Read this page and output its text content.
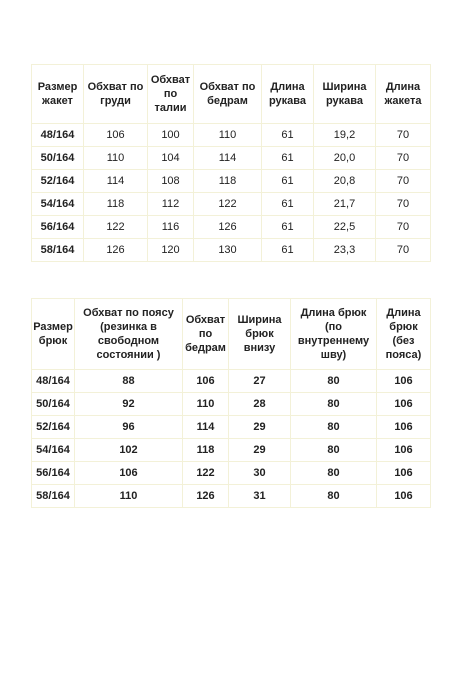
Размер жакет	Обхват по груди	Обхват по талии	Обхват по бедрам	Длина рукава	Ширина рукава	Длина жакета
48/164	106	100	110	61	19,2	70
50/164	110	104	114	61	20,0	70
52/164	114	108	118	61	20,8	70
54/164	118	112	122	61	21,7	70
56/164	122	116	126	61	22,5	70
58/164	126	120	130	61	23,3	70
Размер брюк	Обхват по поясу (резинка в свободном состоянии )	Обхват по бедрам	Ширина брюк внизу	Длина брюк (по внутреннему шву)	Длина брюк (без пояса)
48/164	88	106	27	80	106
50/164	92	110	28	80	106
52/164	96	114	29	80	106
54/164	102	118	29	80	106
56/164	106	122	30	80	106
58/164	110	126	31	80	106
